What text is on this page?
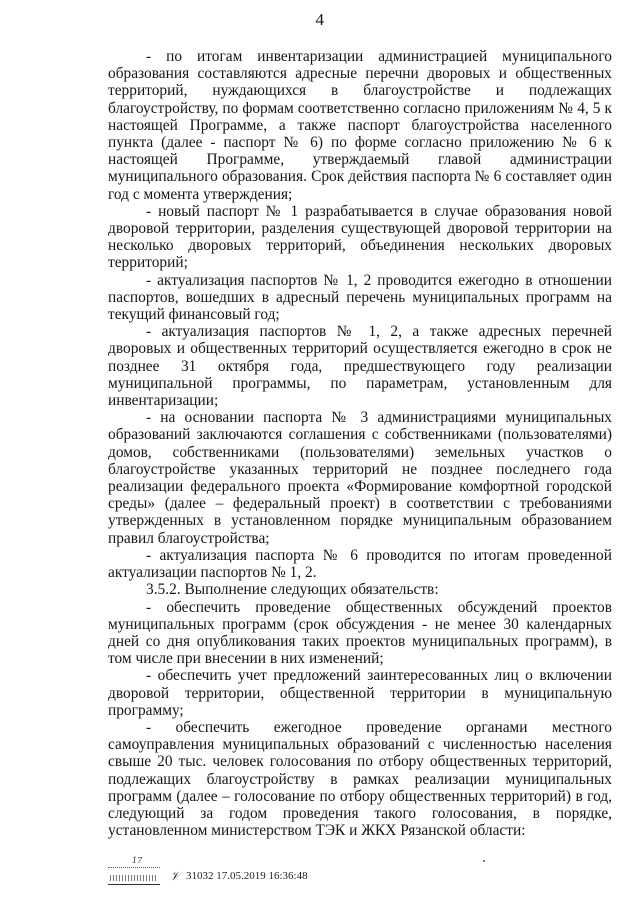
4

- по итогам инвентаризации администрацией муниципального образования составляются адресные перечни дворовых и общественных территорий, нуждающихся в благоустройстве и подлежащих благоустройству, по формам соответственно согласно приложениям № 4, 5 к настоящей Программе, а также паспорт благоустройства населенного пункта (далее - паспорт № 6) по форме согласно приложению № 6 к настоящей Программе, утверждаемый главой администрации муниципального образования. Срок действия паспорта № 6 составляет один год с момента утверждения;

- новый паспорт № 1 разрабатывается в случае образования новой дворовой территории, разделения существующей дворовой территории на несколько дворовых территорий, объединения нескольких дворовых территорий;

- актуализация паспортов № 1, 2 проводится ежегодно в отношении паспортов, вошедших в адресный перечень муниципальных программ на текущий финансовый год;

- актуализация паспортов № 1, 2, а также адресных перечней дворовых и общественных территорий осуществляется ежегодно в срок не позднее 31 октября года, предшествующего году реализации муниципальной программы, по параметрам, установленным для инвентаризации;

- на основании паспорта № 3 администрациями муниципальных образований заключаются соглашения с собственниками (пользователями) домов, собственниками (пользователями) земельных участков о благоустройстве указанных территорий не позднее последнего года реализации федерального проекта «Формирование комфортной городской среды» (далее – федеральный проект) в соответствии с требованиями утвержденных в установленном порядке муниципальным образованием правил благоустройства;

- актуализация паспорта № 6 проводится по итогам проведенной актуализации паспортов № 1, 2.

3.5.2. Выполнение следующих обязательств:

- обеспечить проведение общественных обсуждений проектов муниципальных программ (срок обсуждения - не менее 30 календарных дней со дня опубликования таких проектов муниципальных программ), в том числе при внесении в них изменений;

- обеспечить учет предложений заинтересованных лиц о включении дворовой территории, общественной территории в муниципальную программу;

- обеспечить ежегодное проведение органами местного самоуправления муниципальных образований с численностью населения свыше 20 тыс. человек голосования по отбору общественных территорий, подлежащих благоустройству в рамках реализации муниципальных программ (далее – голосование по отбору общественных территорий) в год, следующий за годом проведения такого голосования, в порядке, установленном министерством ТЭК и ЖКХ Рязанской области:

17
𝒱 31032 17.05.2019 16:36:48
